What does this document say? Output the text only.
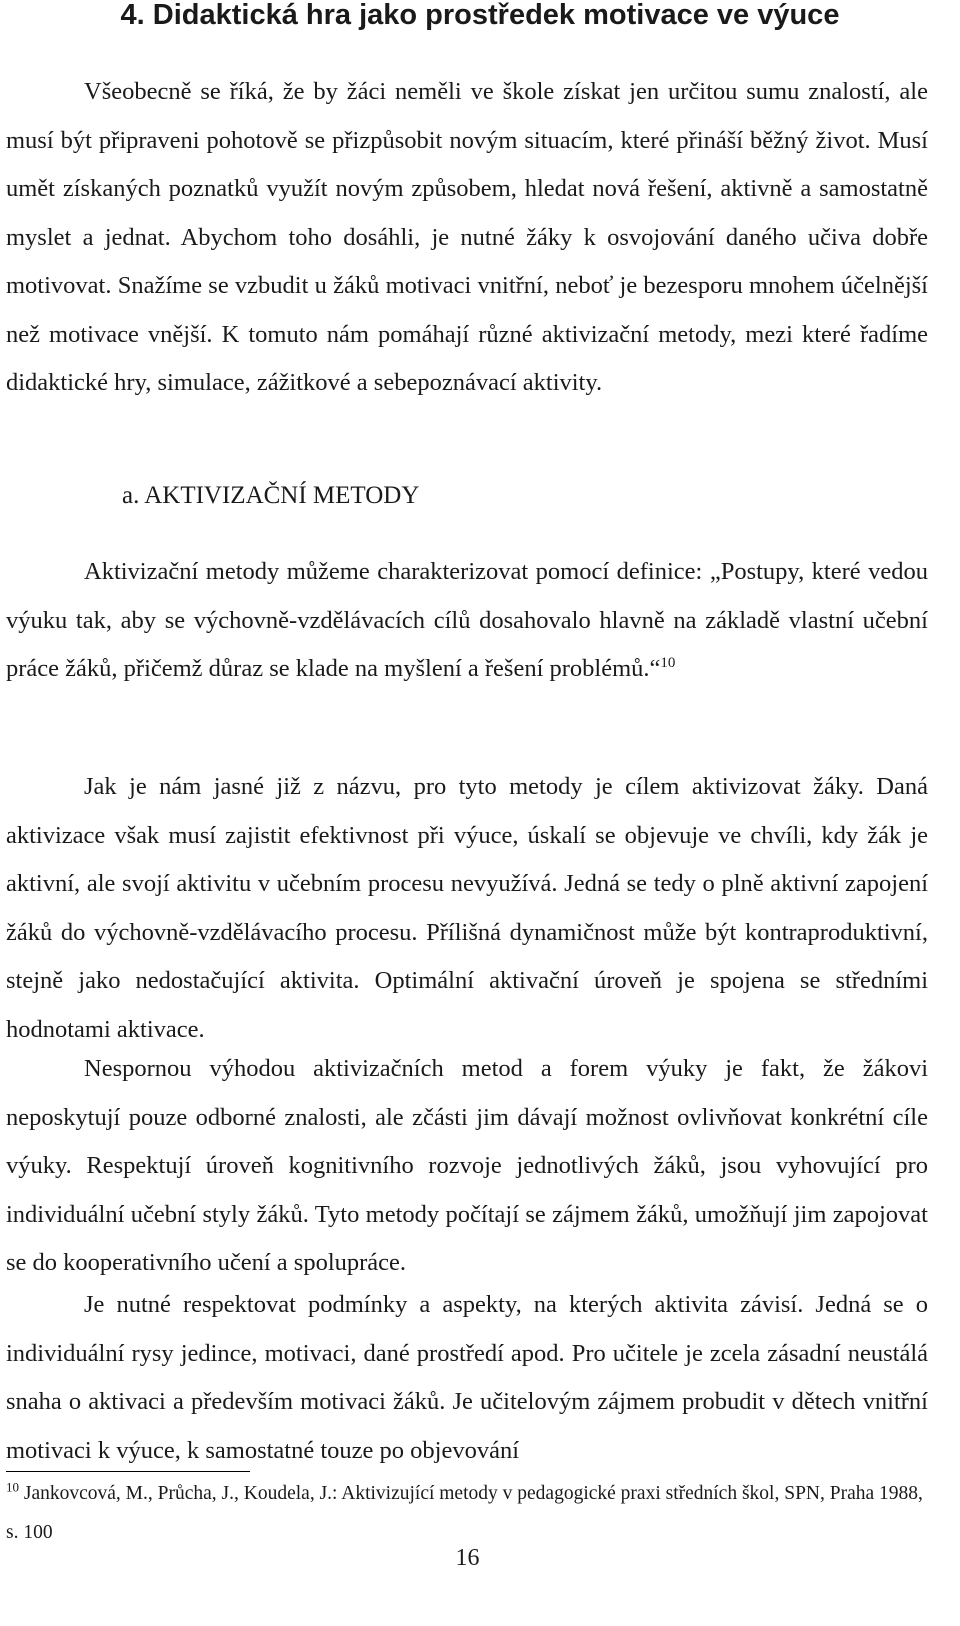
4. Didaktická hra jako prostředek motivace ve výuce

Všeobecně se říká, že by žáci neměli ve škole získat jen určitou sumu znalostí, ale musí být připraveni pohotově se přizpůsobit novým situacím, které přináší běžný život. Musí umět získaných poznatků využít novým způsobem, hledat nová řešení, aktivně a samostatně myslet a jednat. Abychom toho dosáhli, je nutné žáky k osvojování daného učiva dobře motivovat. Snažíme se vzbudit u žáků motivaci vnitřní, neboť je bezesporu mnohem účelnější než motivace vnější. K tomuto nám pomáhají různé aktivizační metody, mezi které řadíme didaktické hry, simulace, zážitkové a sebepoznávací aktivity.

a. AKTIVIZAČNÍ METODY

Aktivizační metody můžeme charakterizovat pomocí definice: „Postupy, které vedou výuku tak, aby se výchovně-vzdělávacích cílů dosahovalo hlavně na základě vlastní učební práce žáků, přičemž důraz se klade na myšlení a řešení problémů.“$^{10}$

Jak je nám jasné již z názvu, pro tyto metody je cílem aktivizovat žáky. Daná aktivizace však musí zajistit efektivnost při výuce, úskalí se objevuje ve chvíli, kdy žák je aktivní, ale svojí aktivitu v učebním procesu nevyužívá. Jedná se tedy o plně aktivní zapojení žáků do výchovně-vzdělávacího procesu. Přílišná dynamičnost může být kontraproduktivní, stejně jako nedostačující aktivita. Optimální aktivační úroveň je spojena se středními hodnotami aktivace.

Nespornou výhodou aktivizačních metod a forem výuky je fakt, že žákovi neposkytují pouze odborné znalosti, ale zčásti jim dávají možnost ovlivňovat konkrétní cíle výuky. Respektují úroveň kognitivního rozvoje jednotlivých žáků, jsou vyhovující pro individuální učební styly žáků. Tyto metody počítají se zájmem žáků, umožňují jim zapojovat se do kooperativního učení a spolupráce.

Je nutné respektovat podmínky a aspekty, na kterých aktivita závisí. Jedná se o individuální rysy jedince, motivaci, dané prostředí apod. Pro učitele je zcela zásadní neustálá snaha o aktivaci a především motivaci žáků. Je učitelovým zájmem probudit v dětech vnitřní motivaci k výuce, k samostatné touze po objevování

$^{10}$ Jankovcová, M., Průcha, J., Koudela, J.: Aktivizující metody v pedagogické praxi středních škol, SPN, Praha 1988, s. 100

16
